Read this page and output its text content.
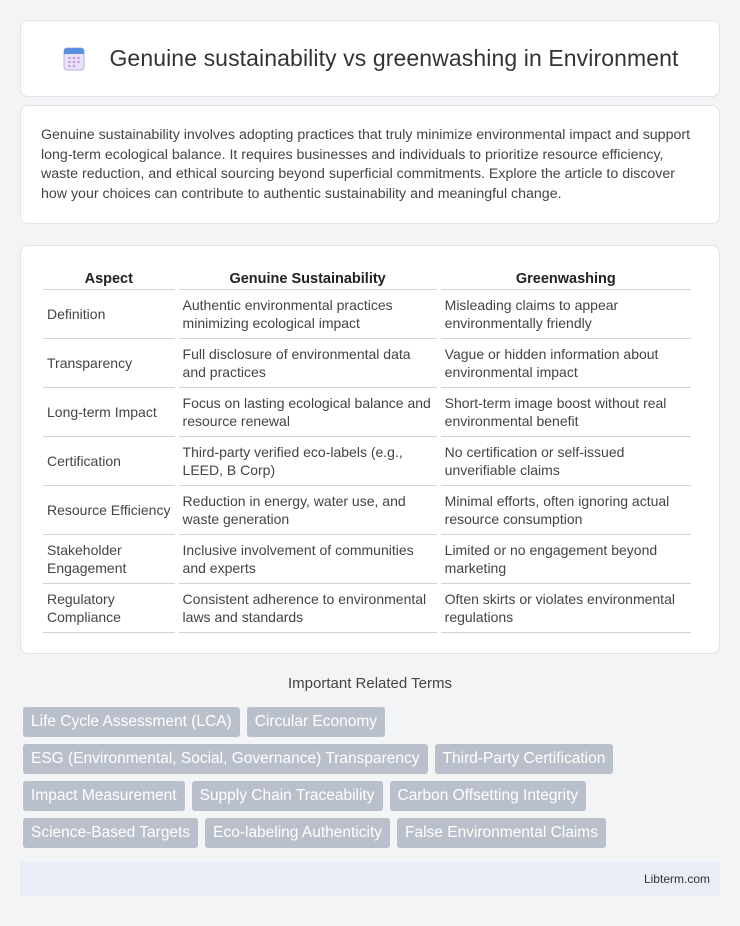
Genuine sustainability vs greenwashing in Environment

Genuine sustainability involves adopting practices that truly minimize environmental impact and support long-term ecological balance. It requires businesses and individuals to prioritize resource efficiency, waste reduction, and ethical sourcing beyond superficial commitments. Explore the article to discover how your choices can contribute to authentic sustainability and meaningful change.

Aspect	Genuine Sustainability	Greenwashing
Definition	Authentic environmental practices minimizing ecological impact	Misleading claims to appear environmentally friendly
Transparency	Full disclosure of environmental data and practices	Vague or hidden information about environmental impact
Long-term Impact	Focus on lasting ecological balance and resource renewal	Short-term image boost without real environmental benefit
Certification	Third-party verified eco-labels (e.g., LEED, B Corp)	No certification or self-issued unverifiable claims
Resource Efficiency	Reduction in energy, water use, and waste generation	Minimal efforts, often ignoring actual resource consumption
Stakeholder Engagement	Inclusive involvement of communities and experts	Limited or no engagement beyond marketing
Regulatory Compliance	Consistent adherence to environmental laws and standards	Often skirts or violates environmental regulations
Important Related Terms
Life Cycle Assessment (LCA)	Circular Economy
ESG (Environmental, Social, Governance) Transparency	Third-Party Certification
Impact Measurement	Supply Chain Traceability	Carbon Offsetting Integrity
Science-Based Targets	Eco-labeling Authenticity	False Environmental Claims
Libterm.com
